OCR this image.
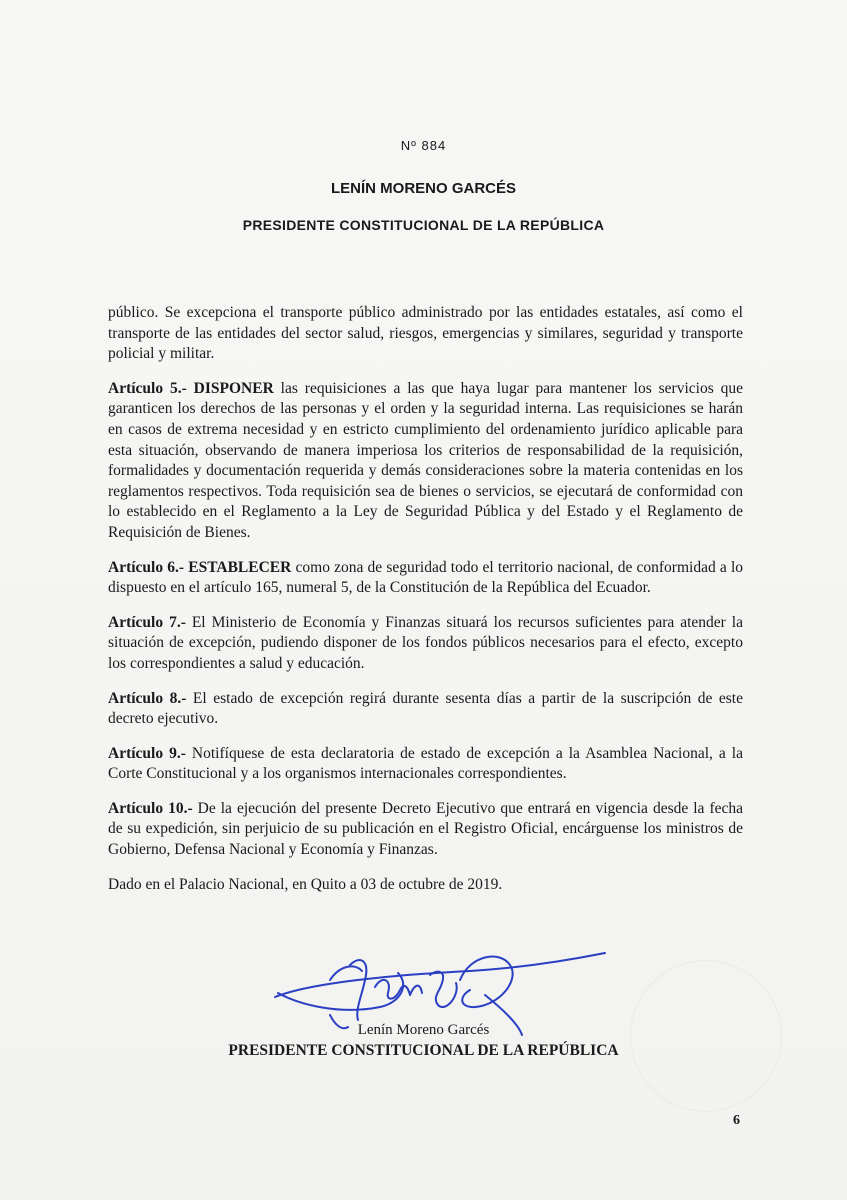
Nº 884
LENÍN MORENO GARCÉS
PRESIDENTE CONSTITUCIONAL DE LA REPÚBLICA

público. Se excepciona el transporte público administrado por las entidades estatales, así como el transporte de las entidades del sector salud, riesgos, emergencias y similares, seguridad y transporte policial y militar.

Artículo 5.- DISPONER las requisiciones a las que haya lugar para mantener los servicios que garanticen los derechos de las personas y el orden y la seguridad interna. Las requisiciones se harán en casos de extrema necesidad y en estricto cumplimiento del ordenamiento jurídico aplicable para esta situación, observando de manera imperiosa los criterios de responsabilidad de la requisición, formalidades y documentación requerida y demás consideraciones sobre la materia contenidas en los reglamentos respectivos. Toda requisición sea de bienes o servicios, se ejecutará de conformidad con lo establecido en el Reglamento a la Ley de Seguridad Pública y del Estado y el Reglamento de Requisición de Bienes.

Artículo 6.- ESTABLECER como zona de seguridad todo el territorio nacional, de conformidad a lo dispuesto en el artículo 165, numeral 5, de la Constitución de la República del Ecuador.

Artículo 7.- El Ministerio de Economía y Finanzas situará los recursos suficientes para atender la situación de excepción, pudiendo disponer de los fondos públicos necesarios para el efecto, excepto los correspondientes a salud y educación.

Artículo 8.- El estado de excepción regirá durante sesenta días a partir de la suscripción de este decreto ejecutivo.

Artículo 9.- Notifíquese de esta declaratoria de estado de excepción a la Asamblea Nacional, a la Corte Constitucional y a los organismos internacionales correspondientes.

Artículo 10.- De la ejecución del presente Decreto Ejecutivo que entrará en vigencia desde la fecha de su expedición, sin perjuicio de su publicación en el Registro Oficial, encárguense los ministros de Gobierno, Defensa Nacional y Economía y Finanzas.

Dado en el Palacio Nacional, en Quito a 03 de octubre de 2019.

Lenín Moreno Garcés
PRESIDENTE CONSTITUCIONAL DE LA REPÚBLICA
6
